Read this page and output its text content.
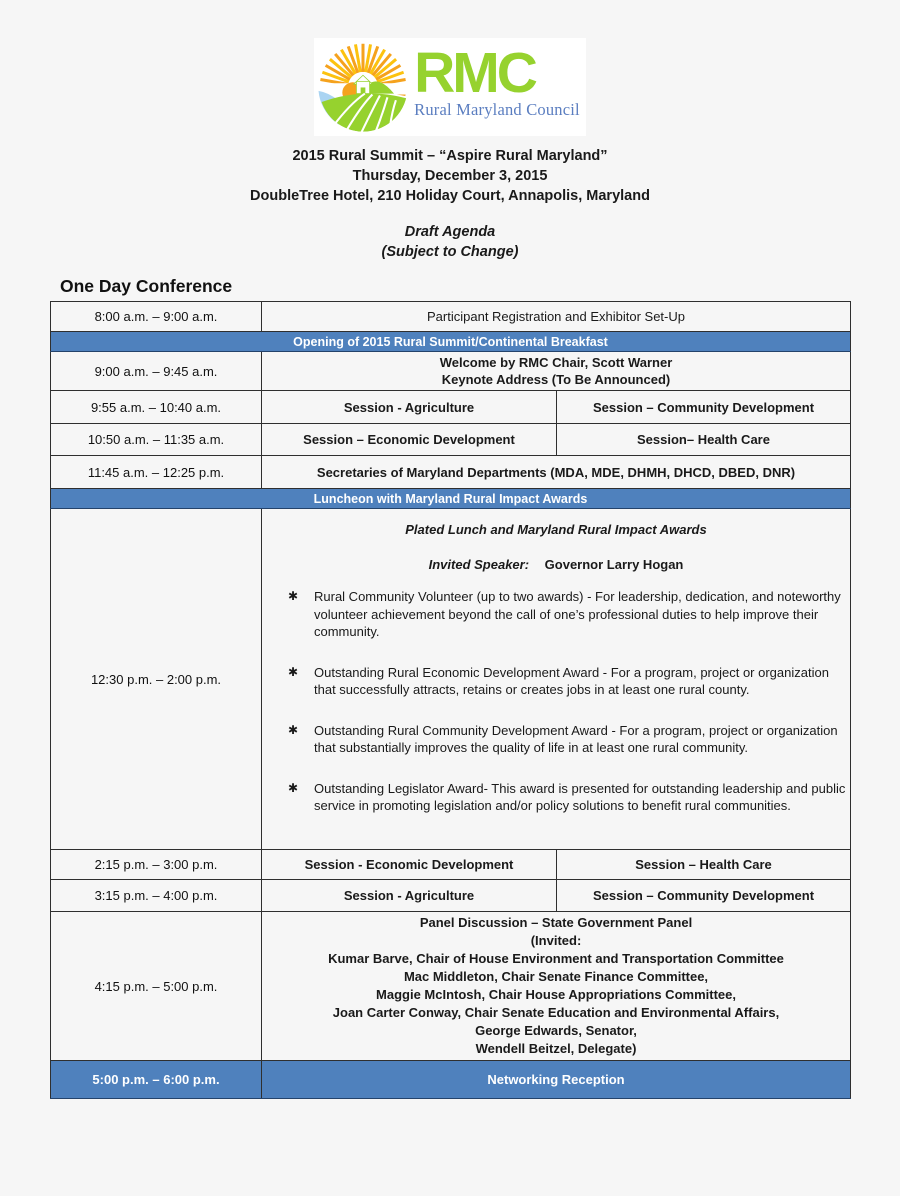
RMC
Rural Maryland Council
2015 Rural Summit – “Aspire Rural Maryland”
Thursday, December 3, 2015
DoubleTree Hotel, 210 Holiday Court, Annapolis, Maryland
Draft Agenda
(Subject to Change)
One Day Conference
8:00 a.m. – 9:00 a.m.	Participant Registration and Exhibitor Set-Up	
Opening of 2015 Rural Summit/Continental Breakfast		
9:00 a.m. – 9:45 a.m.	Welcome by RMC Chair, Scott Warner
Keynote Address (To Be Announced)	

9:55 a.m. – 10:40 a.m.	Session - Agriculture	Session – Community Development
10:50 a.m. – 11:35 a.m.	Session – Economic Development	Session– Health Care
11:45 a.m. – 12:25 p.m.	Secretaries of Maryland Departments (MDA, MDE, DHMH, DHCD, DBED, DNR)	
Luncheon with Maryland Rural Impact Awards		
12:30 p.m. – 2:00 p.m.	
Plated Lunch and Maryland Rural Impact Awards
Invited Speaker: Governor Larry Hogan
✱	Rural Community Volunteer (up to two awards) - For leadership, dedication, and noteworthy volunteer achievement beyond the call of one’s professional duties to help improve their community.
✱	Outstanding Rural Economic Development Award - For a program, project or organization that successfully attracts, retains or creates jobs in at least one rural county.
✱	Outstanding Rural Community Development Award - For a program, project or organization that substantially improves the quality of life in at least one rural community.
✱	Outstanding Legislator Award- This award is presented for outstanding leadership and public service in promoting legislation and/or policy solutions to benefit rural communities.

2:15 p.m. – 3:00 p.m.	Session - Economic Development	Session – Health Care
3:15 p.m. – 4:00 p.m.	Session - Agriculture	Session – Community Development
4:15 p.m. – 5:00 p.m.	
Panel Discussion – State Government Panel
(Invited:
Kumar Barve, Chair of House Environment and Transportation Committee
Mac Middleton, Chair Senate Finance Committee,
Maggie McIntosh, Chair House Appropriations Committee,
Joan Carter Conway, Chair Senate Education and Environmental Affairs,
George Edwards, Senator,
Wendell Beitzel, Delegate)

5:00 p.m. – 6:00 p.m.	Networking Reception	
